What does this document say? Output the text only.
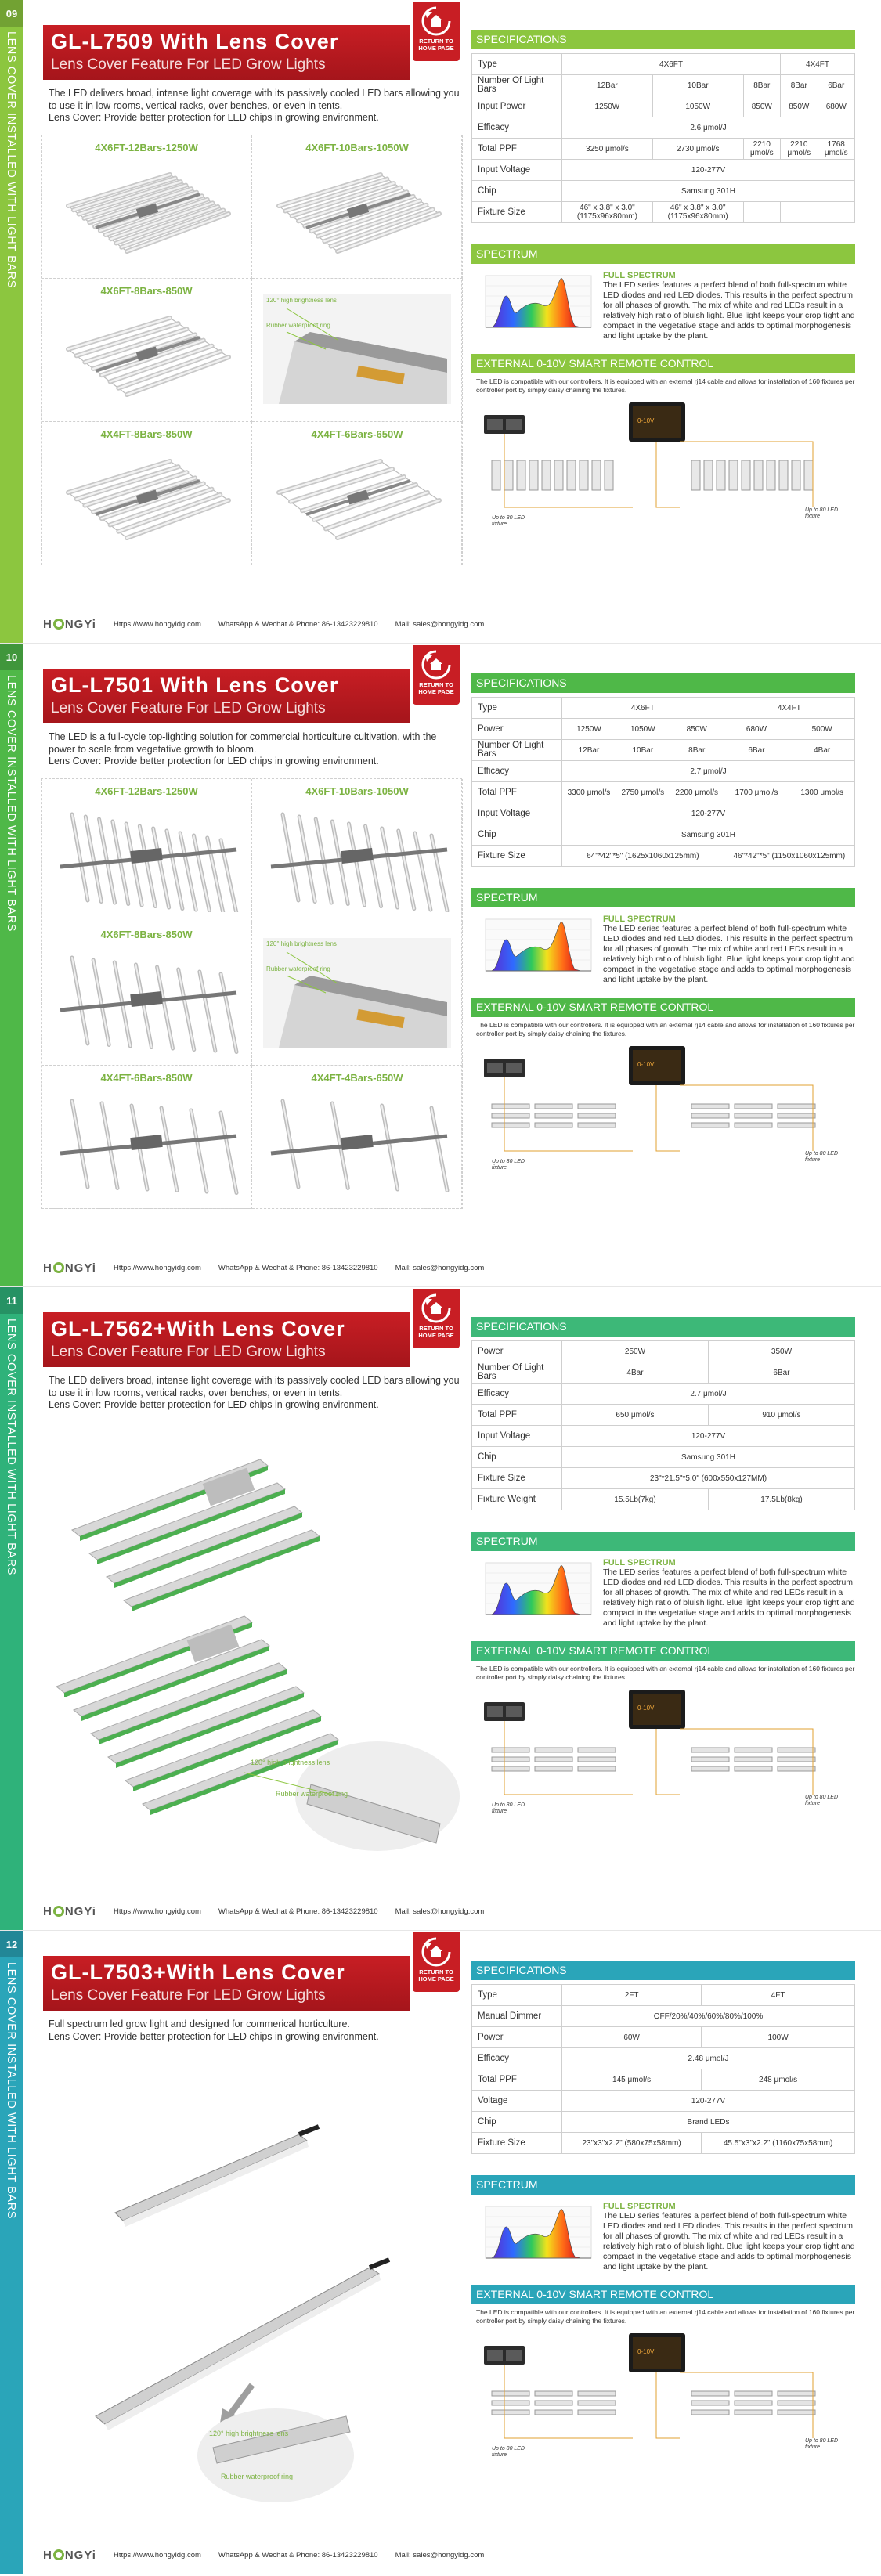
09
LENS COVER INSTALLED WITH LIGHT BARS GL-L7509 With Lens Cover
Lens Cover Feature For LED Grow Lights
RETURN TO HOME PAGE

The LED delivers broad, intense light coverage with its passively cooled LED bars allowing you to use it in low rooms, vertical racks, over benches, or even in tents.

Lens Cover: Provide better protection for LED chips in growing environment.

4X6FT-12Bars-1250W	4X6FT-10Bars-1050W
4X6FT-8Bars-850W
120° high brightness lens
Rubber waterproof ring
4X4FT-8Bars-850W	4X4FT-6Bars-650W
SPECIFICATIONS
Type	4X6FT			4X4FT	
Number Of Light Bars	12Bar	10Bar	8Bar	8Bar	6Bar
Input Power	1250W	1050W	850W	850W	680W
Efficacy	2.6 μmol/J				
Total PPF	3250 μmol/s	2730 μmol/s	2210 μmol/s	2210 μmol/s	1768 μmol/s
Input Voltage	120-277V				
Chip	Samsung 301H				
Fixture Size	46" x 3.8" x 3.0" (1175x96x80mm)	46" x 3.8" x 3.0" (1175x96x80mm)			
SPECTRUM
FULL SPECTRUM
The LED series features a perfect blend of both full-spectrum white LED diodes and red LED diodes. This results in the perfect spectrum for all phases of growth. The mix of white and red LEDs result in a relatively high ratio of bluish light. Blue light keeps your crop tight and compact in the vegetative stage and adds to optimal morphogenesis and light uptake by the plant.
EXTERNAL 0-10V SMART REMOTE CONTROL
The LED is compatible with our controllers. It is equipped with an external rj14 cable and allows for installation of 160 fixtures per controller port by simply daisy chaining the fixtures.
0-10V
Up to 80 LED fixture
Up to 80 LED fixture
H NGYi Https://www.hongyidg.com WhatsApp & Wechat & Phone: 86-13423229810 Mail: sales@hongyidg.com
10
LENS COVER INSTALLED WITH LIGHT BARS GL-L7501 With Lens Cover
Lens Cover Feature For LED Grow Lights
RETURN TO HOME PAGE

The LED is a full-cycle top-lighting solution for commercial horticulture cultivation, with the power to scale from vegetative growth to bloom.

Lens Cover: Provide better protection for LED chips in growing environment.

4X6FT-12Bars-1250W	4X6FT-10Bars-1050W
4X6FT-8Bars-850W
120° high brightness lens
Rubber waterproof ring
4X4FT-6Bars-850W	4X4FT-4Bars-650W
SPECIFICATIONS
Type	4X6FT			4X4FT	
Power	1250W	1050W	850W	680W	500W
Number Of Light Bars	12Bar	10Bar	8Bar	6Bar	4Bar
Efficacy	2.7 μmol/J				
Total PPF	3300 μmol/s	2750 μmol/s	2200 μmol/s	1700 μmol/s	1300 μmol/s
Input Voltage	120-277V				
Chip	Samsung 301H				
Fixture Size	64"*42"*5" (1625x1060x125mm)			46"*42"*5" (1150x1060x125mm)	
SPECTRUM
FULL SPECTRUM
The LED series features a perfect blend of both full-spectrum white LED diodes and red LED diodes. This results in the perfect spectrum for all phases of growth. The mix of white and red LEDs result in a relatively high ratio of bluish light. Blue light keeps your crop tight and compact in the vegetative stage and adds to optimal morphogenesis and light uptake by the plant.
EXTERNAL 0-10V SMART REMOTE CONTROL
The LED is compatible with our controllers. It is equipped with an external rj14 cable and allows for installation of 160 fixtures per controller port by simply daisy chaining the fixtures.
0-10V
Up to 80 LED fixture
Up to 80 LED fixture
H NGYi Https://www.hongyidg.com WhatsApp & Wechat & Phone: 86-13423229810 Mail: sales@hongyidg.com
11
LENS COVER INSTALLED WITH LIGHT BARS GL-L7562+With Lens Cover
Lens Cover Feature For LED Grow Lights
RETURN TO HOME PAGE

The LED delivers broad, intense light coverage with its passively cooled LED bars allowing you to use it in low rooms, vertical racks, over benches, or even in tents.

Lens Cover: Provide better protection for LED chips in growing environment.

120° high brightness lens
Rubber waterproof ring
SPECIFICATIONS
Power	250W	350W
Number Of Light Bars	4Bar	6Bar
Efficacy	2.7 μmol/J	
Total PPF	650 μmol/s	910 μmol/s
Input Voltage	120-277V	
Chip	Samsung 301H	
Fixture Size	23"*21.5"*5.0" (600x550x127MM)	
Fixture Weight	15.5Lb(7kg)	17.5Lb(8kg)
SPECTRUM
FULL SPECTRUM
The LED series features a perfect blend of both full-spectrum white LED diodes and red LED diodes. This results in the perfect spectrum for all phases of growth. The mix of white and red LEDs result in a relatively high ratio of bluish light. Blue light keeps your crop tight and compact in the vegetative stage and adds to optimal morphogenesis and light uptake by the plant.
EXTERNAL 0-10V SMART REMOTE CONTROL
The LED is compatible with our controllers. It is equipped with an external rj14 cable and allows for installation of 160 fixtures per controller port by simply daisy chaining the fixtures.
0-10V
Up to 80 LED fixture
Up to 80 LED fixture
H NGYi Https://www.hongyidg.com WhatsApp & Wechat & Phone: 86-13423229810 Mail: sales@hongyidg.com
12
LENS COVER INSTALLED WITH LIGHT BARS GL-L7503+With Lens Cover
Lens Cover Feature For LED Grow Lights
RETURN TO HOME PAGE

Full spectrum led grow light and designed for commerical horticulture.

Lens Cover: Provide better protection for LED chips in growing environment.

120° high brightness lens
Rubber waterproof ring
SPECIFICATIONS
Type	2FT	4FT
Manual Dimmer	OFF/20%/40%/60%/80%/100%	
Power	60W	100W
Efficacy	2.48 μmol/J	
Total PPF	145 μmol/s	248 μmol/s
Voltage	120-277V	
Chip	Brand LEDs	
Fixture Size	23"x3"x2.2" (580x75x58mm)	45.5"x3"x2.2" (1160x75x58mm)
SPECTRUM
FULL SPECTRUM
The LED series features a perfect blend of both full-spectrum white LED diodes and red LED diodes. This results in the perfect spectrum for all phases of growth. The mix of white and red LEDs result in a relatively high ratio of bluish light. Blue light keeps your crop tight and compact in the vegetative stage and adds to optimal morphogenesis and light uptake by the plant.
EXTERNAL 0-10V SMART REMOTE CONTROL
The LED is compatible with our controllers. It is equipped with an external rj14 cable and allows for installation of 160 fixtures per controller port by simply daisy chaining the fixtures.
0-10V
Up to 80 LED fixture
Up to 80 LED fixture
H NGYi Https://www.hongyidg.com WhatsApp & Wechat & Phone: 86-13423229810 Mail: sales@hongyidg.com
